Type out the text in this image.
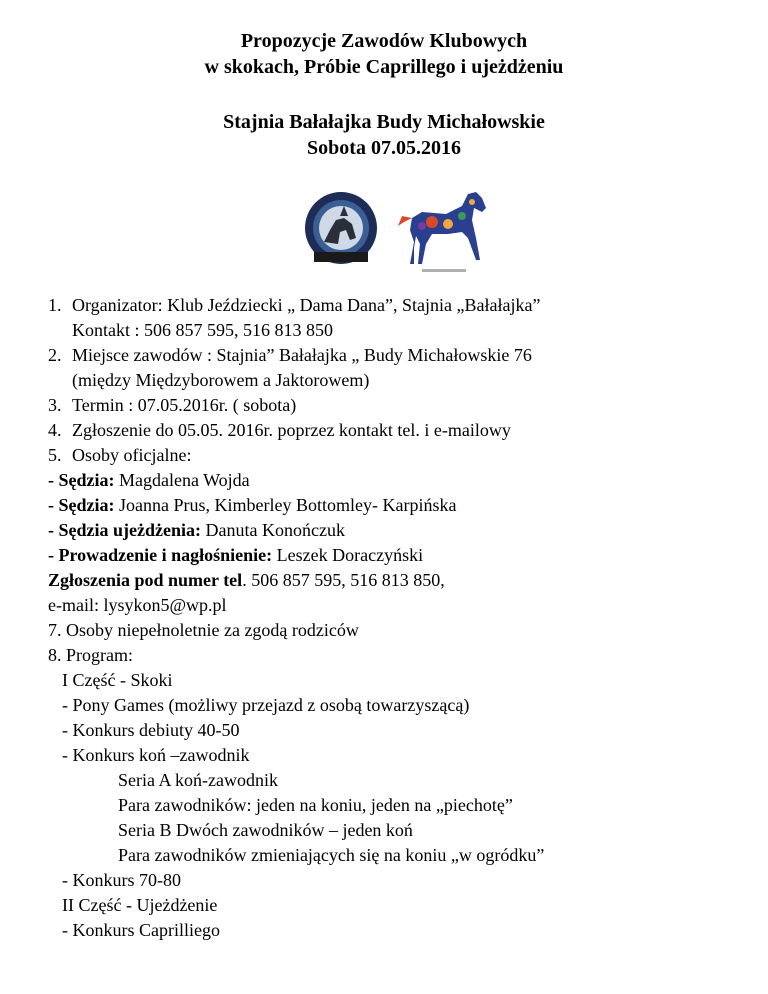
Propozycje Zawodów Klubowych
w skokach, Próbie Caprillego i ujeżdżeniu
Stajnia Bałałajka Budy Michałowskie
Sobota 07.05.2016
1. Organizator: Klub Jeździecki „ Dama Dana”, Stajnia „Bałałajka”
Kontakt : 506 857 595, 516 813 850
2. Miejsce zawodów : Stajnia” Bałałajka „ Budy Michałowskie 76
(między Międzyborowem a Jaktorowem)
3. Termin : 07.05.2016r. ( sobota)
4. Zgłoszenie do 05.05. 2016r. poprzez kontakt tel. i e-mailowy
5. Osoby oficjalne:
- Sędzia: Magdalena Wojda
- Sędzia: Joanna Prus, Kimberley Bottomley- Karpińska
- Sędzia ujeżdżenia: Danuta Konończuk
- Prowadzenie i nagłośnienie: Leszek Doraczyński
Zgłoszenia pod numer tel. 506 857 595, 516 813 850,
e-mail: lysykon5@wp.pl
7. Osoby niepełnoletnie za zgodą rodziców
8. Program:
I Część - Skoki
- Pony Games (możliwy przejazd z osobą towarzyszącą)
- Konkurs debiuty 40-50
- Konkurs koń –zawodnik
Seria A koń-zawodnik
Para zawodników: jeden na koniu, jeden na „piechotę”
Seria B Dwóch zawodników – jeden koń
Para zawodników zmieniających się na koniu „w ogródku”
- Konkurs 70-80
II Część - Ujeżdżenie
- Konkurs Caprilliego
